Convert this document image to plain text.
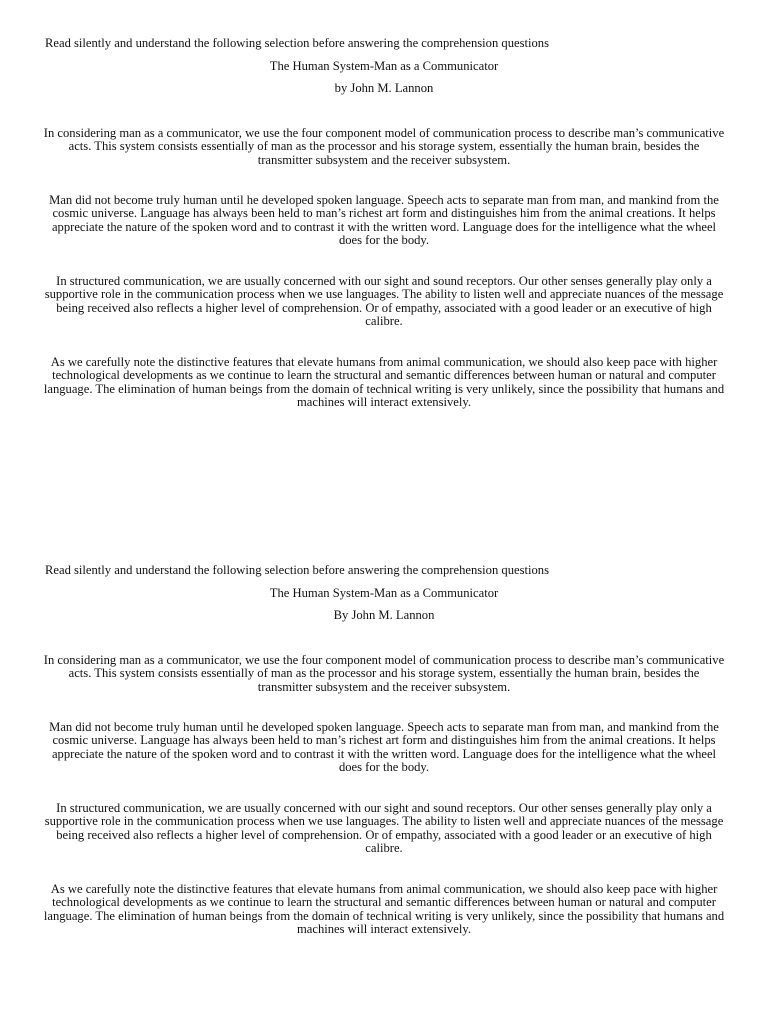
Read silently and understand the following selection before answering the comprehension questions
The Human System-Man as a Communicator
by John M. Lannon

In considering man as a communicator, we use the four component model of communication process to describe man’s communicative acts. This system consists essentially of man as the processor and his storage system, essentially the human brain, besides the transmitter subsystem and the receiver subsystem.

Man did not become truly human until he developed spoken language. Speech acts to separate man from man, and mankind from the cosmic universe. Language has always been held to man’s richest art form and distinguishes him from the animal creations. It helps appreciate the nature of the spoken word and to contrast it with the written word. Language does for the intelligence what the wheel does for the body.

In structured communication, we are usually concerned with our sight and sound receptors. Our other senses generally play only a supportive role in the communication process when we use languages. The ability to listen well and appreciate nuances of the message being received also reflects a higher level of comprehension. Or of empathy, associated with a good leader or an executive of high calibre.

As we carefully note the distinctive features that elevate humans from animal communication, we should also keep pace with higher technological developments as we continue to learn the structural and semantic differences between human or natural and computer language. The elimination of human beings from the domain of technical writing is very unlikely, since the possibility that humans and machines will interact extensively.

Read silently and understand the following selection before answering the comprehension questions
The Human System-Man as a Communicator
By John M. Lannon

In considering man as a communicator, we use the four component model of communication process to describe man’s communicative acts. This system consists essentially of man as the processor and his storage system, essentially the human brain, besides the transmitter subsystem and the receiver subsystem.

Man did not become truly human until he developed spoken language. Speech acts to separate man from man, and mankind from the cosmic universe. Language has always been held to man’s richest art form and distinguishes him from the animal creations. It helps appreciate the nature of the spoken word and to contrast it with the written word. Language does for the intelligence what the wheel does for the body.

In structured communication, we are usually concerned with our sight and sound receptors. Our other senses generally play only a supportive role in the communication process when we use languages. The ability to listen well and appreciate nuances of the message being received also reflects a higher level of comprehension. Or of empathy, associated with a good leader or an executive of high calibre.

As we carefully note the distinctive features that elevate humans from animal communication, we should also keep pace with higher technological developments as we continue to learn the structural and semantic differences between human or natural and computer language. The elimination of human beings from the domain of technical writing is very unlikely, since the possibility that humans and machines will interact extensively.
